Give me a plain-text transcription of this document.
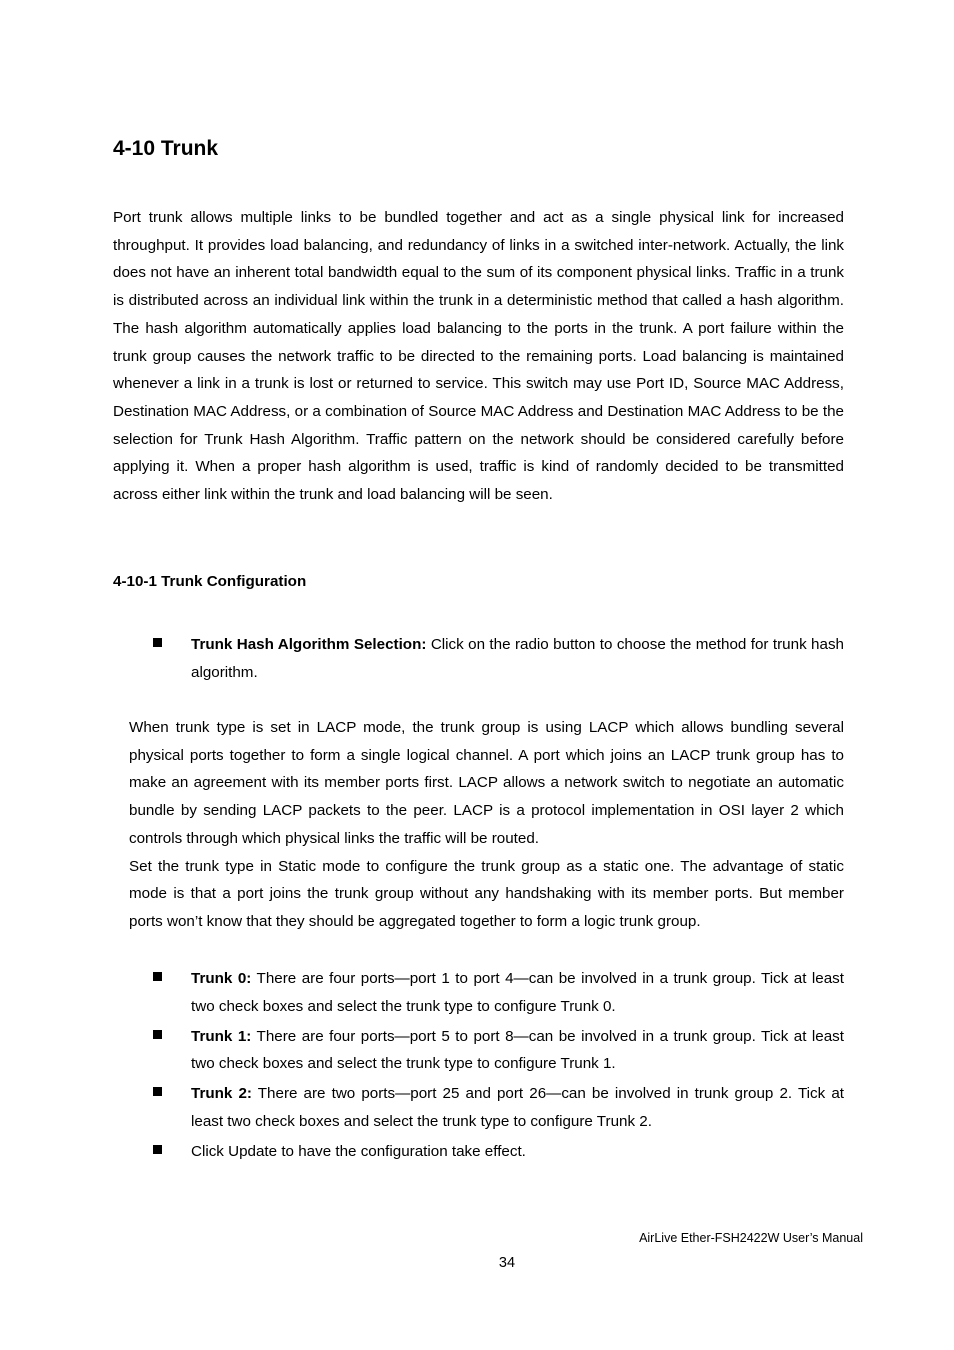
4-10 Trunk

Port trunk allows multiple links to be bundled together and act as a single physical link for increased throughput. It provides load balancing, and redundancy of links in a switched inter-network. Actually, the link does not have an inherent total bandwidth equal to the sum of its component physical links. Traffic in a trunk is distributed across an individual link within the trunk in a deterministic method that called a hash algorithm. The hash algorithm automatically applies load balancing to the ports in the trunk. A port failure within the trunk group causes the network traffic to be directed to the remaining ports. Load balancing is maintained whenever a link in a trunk is lost or returned to service. This switch may use Port ID, Source MAC Address, Destination MAC Address, or a combination of Source MAC Address and Destination MAC Address to be the selection for Trunk Hash Algorithm. Traffic pattern on the network should be considered carefully before applying it. When a proper hash algorithm is used, traffic is kind of randomly decided to be transmitted across either link within the trunk and load balancing will be seen.

4-10-1 Trunk Configuration
Trunk Hash Algorithm Selection: Click on the radio button to choose the method for trunk hash algorithm.
When trunk type is set in LACP mode, the trunk group is using LACP which allows bundling several physical ports together to form a single logical channel. A port which joins an LACP trunk group has to make an agreement with its member ports first. LACP allows a network switch to negotiate an automatic bundle by sending LACP packets to the peer. LACP is a protocol implementation in OSI layer 2 which controls through which physical links the traffic will be routed.
Set the trunk type in Static mode to configure the trunk group as a static one. The advantage of static mode is that a port joins the trunk group without any handshaking with its member ports. But member ports won’t know that they should be aggregated together to form a logic trunk group.
Trunk 0: There are four ports—port 1 to port 4—can be involved in a trunk group. Tick at least two check boxes and select the trunk type to configure Trunk 0.
Trunk 1: There are four ports—port 5 to port 8—can be involved in a trunk group. Tick at least two check boxes and select the trunk type to configure Trunk 1.
Trunk 2: There are two ports—port 25 and port 26—can be involved in trunk group 2. Tick at least two check boxes and select the trunk type to configure Trunk 2.
Click Update to have the configuration take effect.
AirLive Ether-FSH2422W User’s Manual
34
